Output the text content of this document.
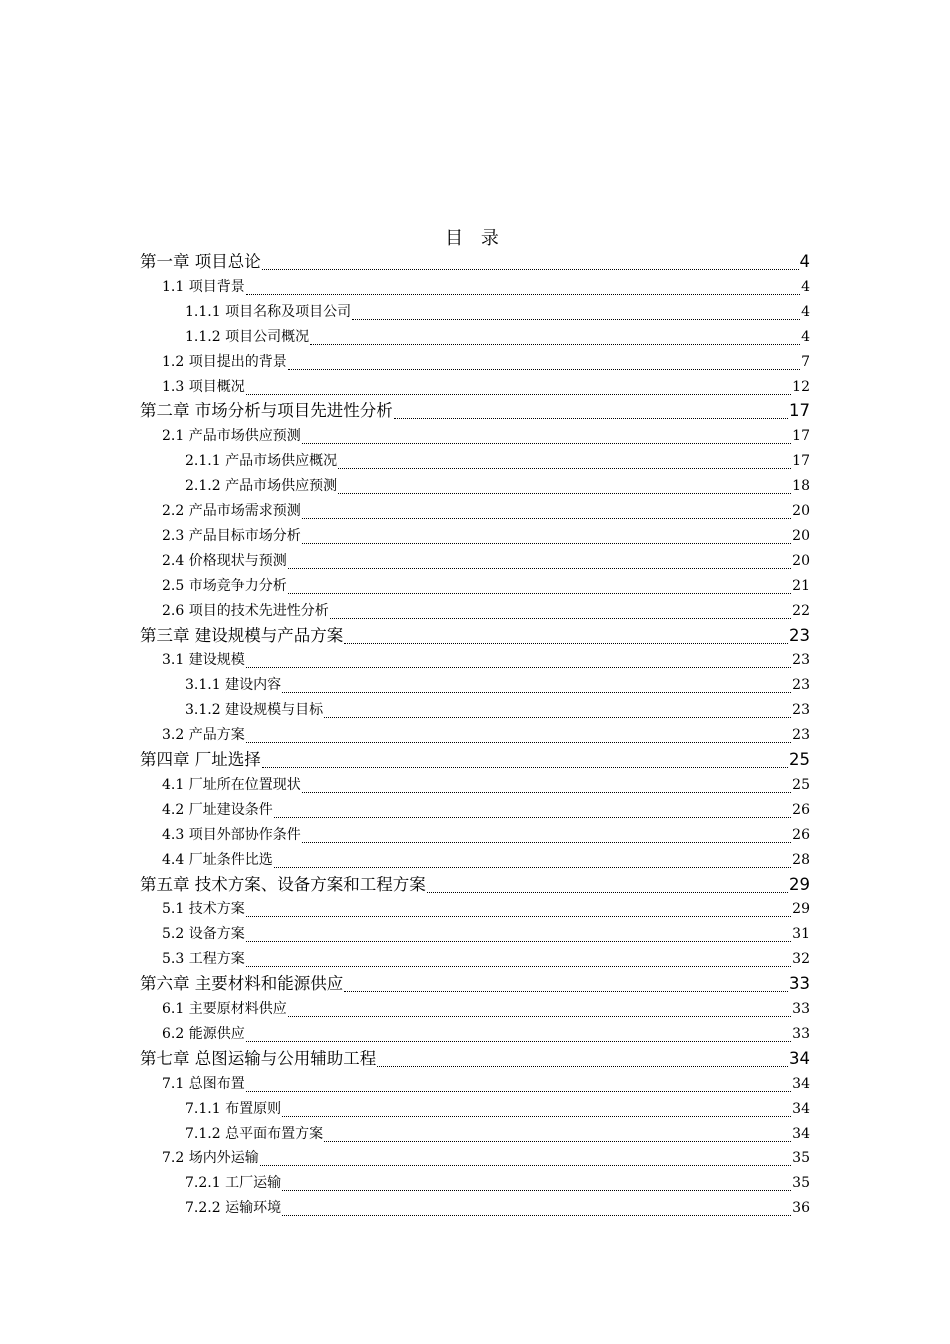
目 录
第一章 项目总论	4
1.1 项目背景	4
1.1.1 项目名称及项目公司	4
1.1.2 项目公司概况	4
1.2 项目提出的背景	7
1.3 项目概况	12
第二章 市场分析与项目先进性分析	17
2.1 产品市场供应预测	17
2.1.1 产品市场供应概况	17
2.1.2 产品市场供应预测	18
2.2 产品市场需求预测	20
2.3 产品目标市场分析	20
2.4 价格现状与预测	20
2.5 市场竞争力分析	21
2.6 项目的技术先进性分析	22
第三章 建设规模与产品方案	23
3.1 建设规模	23
3.1.1 建设内容	23
3.1.2 建设规模与目标	23
3.2 产品方案	23
第四章 厂址选择	25
4.1 厂址所在位置现状	25
4.2 厂址建设条件	26
4.3 项目外部协作条件	26
4.4 厂址条件比选	28
第五章 技术方案、设备方案和工程方案	29
5.1 技术方案	29
5.2 设备方案	31
5.3 工程方案	32
第六章 主要材料和能源供应	33
6.1 主要原材料供应	33
6.2 能源供应	33
第七章 总图运输与公用辅助工程	34
7.1 总图布置	34
7.1.1 布置原则	34
7.1.2 总平面布置方案	34
7.2 场内外运输	35
7.2.1 工厂运输	35
7.2.2 运输环境	36
